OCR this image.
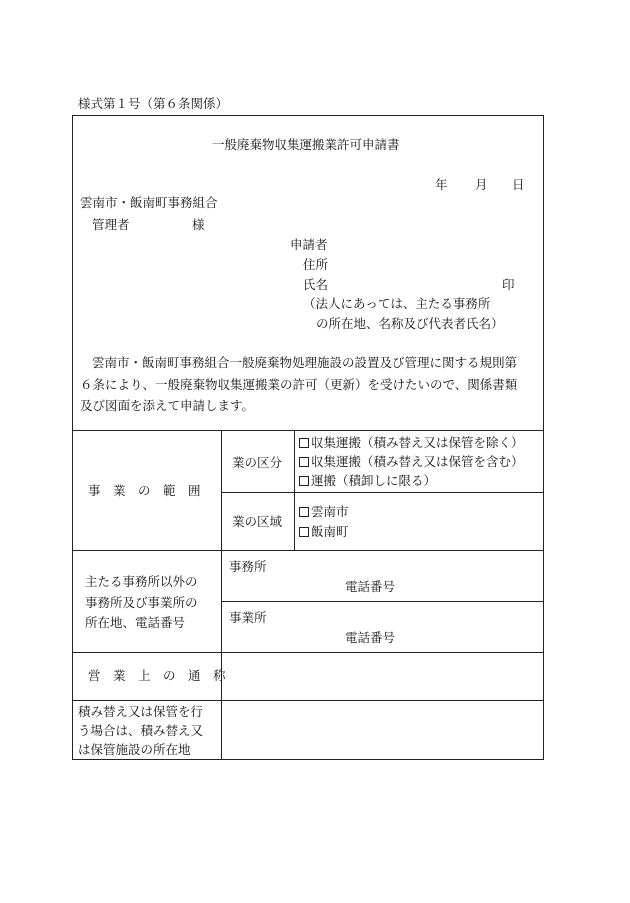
様式第１号（第６条関係）
一般廃棄物収集運搬業許可申請書
年 月 日
雲南市・飯南町事務組合
管理者　　　　　様
申請者
住所
氏名	印
（法人にあっては、主たる事務所
の所在地、名称及び代表者氏名）
雲南市・飯南町事務組合一般廃棄物処理施設の設置及び管理に関する規則第
６条により、一般廃棄物収集運搬業の許可（更新）を受けたいので、関係書類
及び図面を添えて申請します。
事　業　の　範　囲
業の区分
収集運搬（積み替え又は保管を除く）
収集運搬（積み替え又は保管を含む）
運搬（積卸しに限る）
業の区域
雲南市
飯南町
主たる事務所以外の
事務所及び事業所の
所在地、電話番号
事務所
電話番号
事業所
電話番号
営　業　上　の　通　称
積み替え又は保管を行
う場合は、積み替え又
は保管施設の所在地
